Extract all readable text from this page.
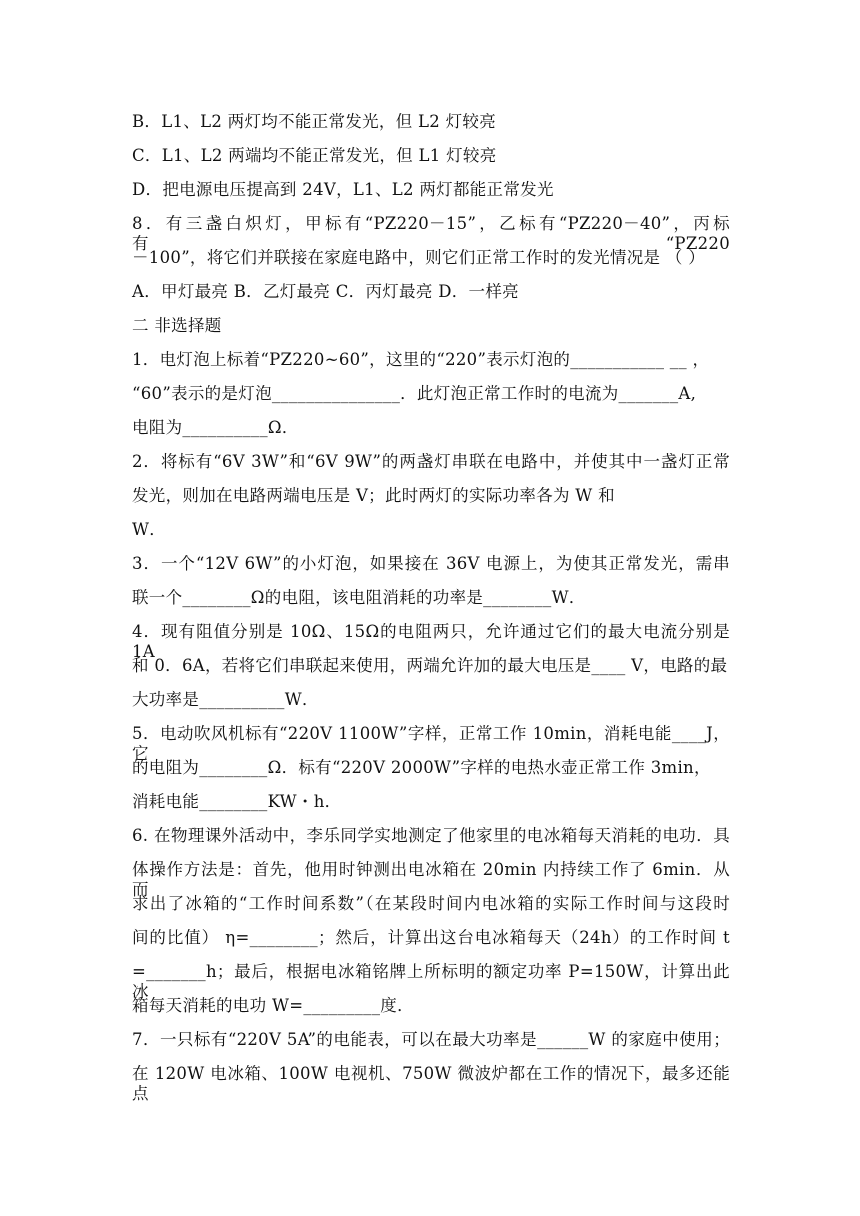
B．L1、L2 两灯均不能正常发光，但 L2 灯较亮
C．L1、L2 两端均不能正常发光，但 L1 灯较亮
D．把电源电压提高到 24V，L1、L2 两灯都能正常发光
8．有三盏白炽灯，甲标有“PZ220－15”，乙标有“PZ220－40”，丙标有“PZ220
－100”，将它们并联接在家庭电路中，则它们正常工作时的发光情况是 （ ）
A．甲灯最亮 B．乙灯最亮 C．丙灯最亮 D．一样亮
二 非选择题
1．电灯泡上标着“PZ220~60”，这里的“220”表示灯泡的___________ __ ，
“60”表示的是灯泡_______________．此灯泡正常工作时的电流为_______A,
电阻为__________Ω．
2．将标有“6V 3W”和“6V 9W”的两盏灯串联在电路中，并使其中一盏灯正常
发光，则加在电路两端电压是 V；此时两灯的实际功率各为 W 和
W．
3．一个“12V 6W”的小灯泡，如果接在 36V 电源上，为使其正常发光，需串
联一个________Ω的电阻，该电阻消耗的功率是________W．
4．现有阻值分别是 10Ω、15Ω的电阻两只，允许通过它们的最大电流分别是 1A
和 0．6A，若将它们串联起来使用，两端允许加的最大电压是____ V，电路的最
大功率是__________W．
5．电动吹风机标有“220V 1100W”字样，正常工作 10min，消耗电能____J，它
的电阻为________Ω．标有“220V 2000W”字样的电热水壶正常工作 3min，
消耗电能________KW・h．
6. 在物理课外活动中，李乐同学实地测定了他家里的电冰箱每天消耗的电功．具
体操作方法是：首先，他用时钟测出电冰箱在 20min 内持续工作了 6min．从而
求出了冰箱的“工作时间系数”（在某段时间内电冰箱的实际工作时间与这段时
间的比值） η=________；然后，计算出这台电冰箱每天（24h）的工作时间 t
=_______h；最后，根据电冰箱铭牌上所标明的额定功率 P=150W，计算出此冰
箱每天消耗的电功 W=_________度．
7．一只标有“220V 5A”的电能表，可以在最大功率是______W 的家庭中使用；
在 120W 电冰箱、100W 电视机、750W 微波炉都在工作的情况下，最多还能点
